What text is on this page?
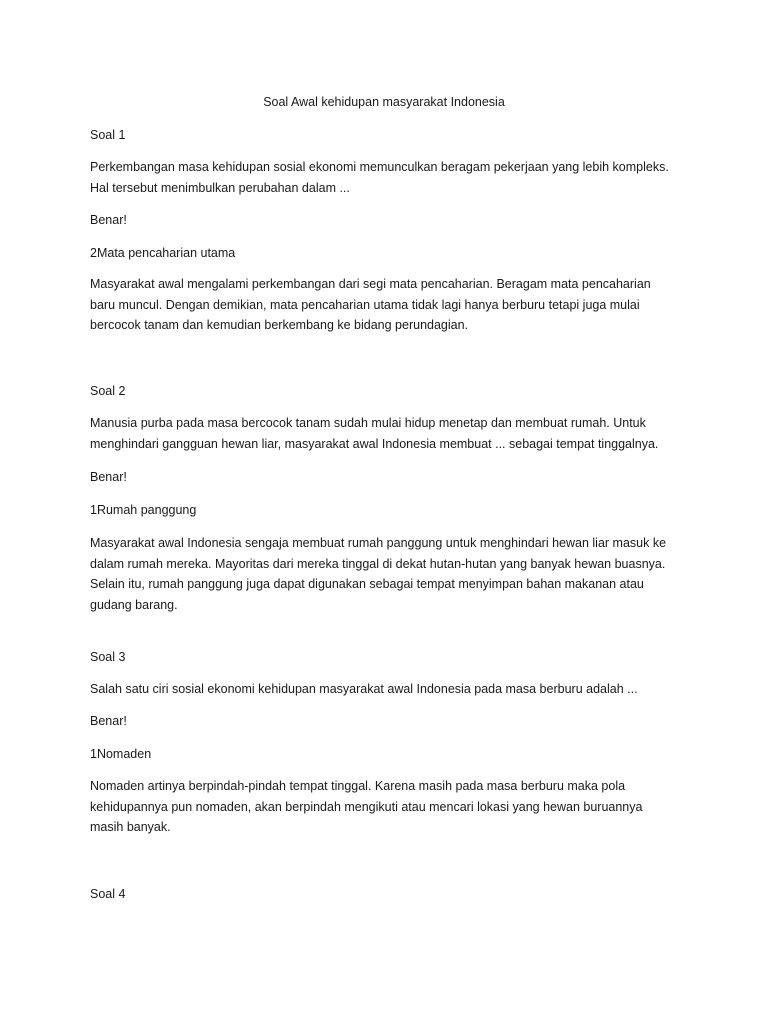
Soal Awal kehidupan masyarakat Indonesia
Soal 1

Perkembangan masa kehidupan sosial ekonomi memunculkan beragam pekerjaan yang lebih kompleks.

Hal tersebut menimbulkan perubahan dalam ...

Benar!
2Mata pencaharian utama

Masyarakat awal mengalami perkembangan dari segi mata pencaharian. Beragam mata pencaharian

baru muncul. Dengan demikian, mata pencaharian utama tidak lagi hanya berburu tetapi juga mulai

bercocok tanam dan kemudian berkembang ke bidang perundagian.

Soal 2

Manusia purba pada masa bercocok tanam sudah mulai hidup menetap dan membuat rumah. Untuk

menghindari gangguan hewan liar, masyarakat awal Indonesia membuat ... sebagai tempat tinggalnya.

Benar!
1Rumah panggung

Masyarakat awal Indonesia sengaja membuat rumah panggung untuk menghindari hewan liar masuk ke

dalam rumah mereka. Mayoritas dari mereka tinggal di dekat hutan-hutan yang banyak hewan buasnya.

Selain itu, rumah panggung juga dapat digunakan sebagai tempat menyimpan bahan makanan atau

gudang barang.

Soal 3

Salah satu ciri sosial ekonomi kehidupan masyarakat awal Indonesia pada masa berburu adalah ...

Benar!
1Nomaden

Nomaden artinya berpindah-pindah tempat tinggal. Karena masih pada masa berburu maka pola

kehidupannya pun nomaden, akan berpindah mengikuti atau mencari lokasi yang hewan buruannya

masih banyak.

Soal 4
